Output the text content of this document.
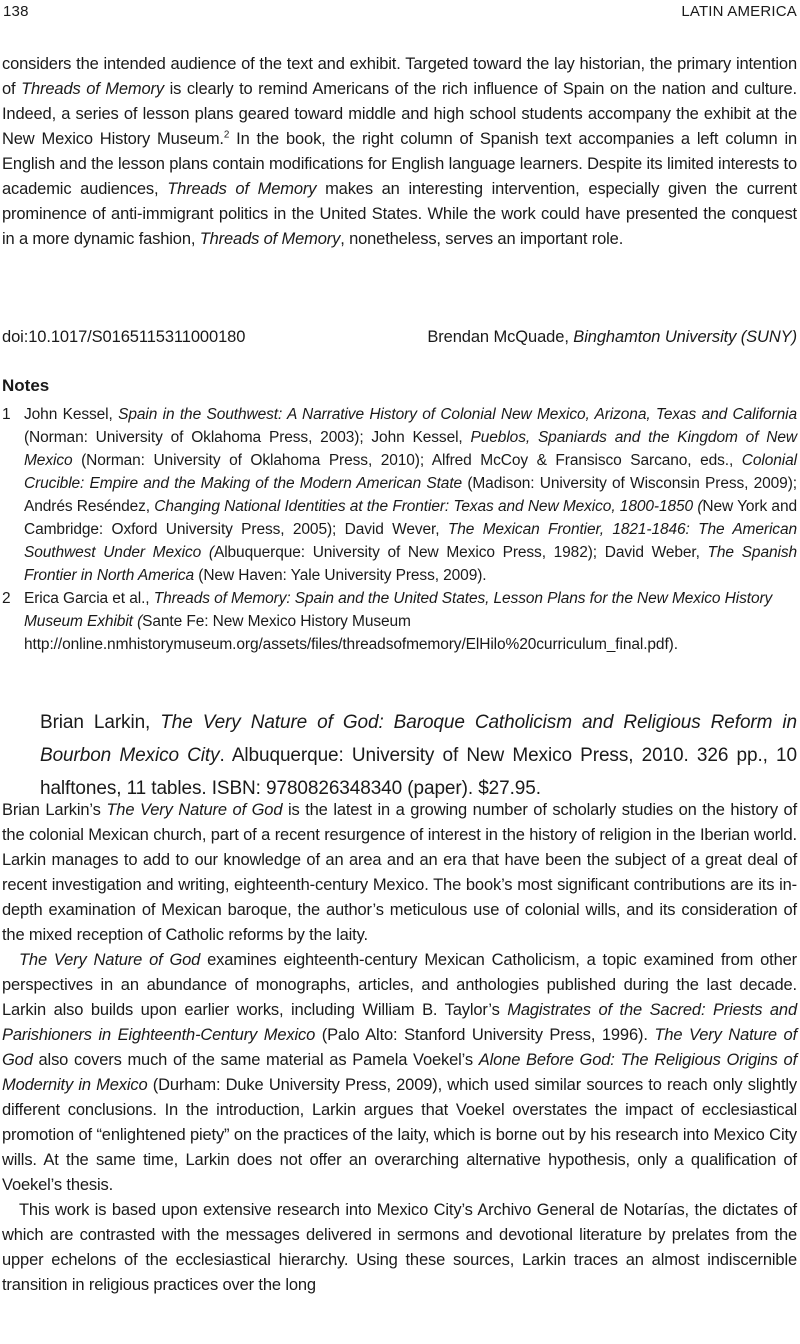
138	LATIN AMERICA
considers the intended audience of the text and exhibit. Targeted toward the lay historian, the primary intention of Threads of Memory is clearly to remind Americans of the rich influence of Spain on the nation and culture. Indeed, a series of lesson plans geared toward middle and high school students accompany the exhibit at the New Mexico History Museum.$^2$ In the book, the right column of Spanish text accompanies a left column in English and the lesson plans contain modifications for English language learners. Despite its limited interests to academic audiences, Threads of Memory makes an interesting intervention, especially given the current prominence of anti-immigrant politics in the United States. While the work could have presented the conquest in a more dynamic fashion, Threads of Memory, nonetheless, serves an important role.
doi:10.1017/S0165115311000180	Brendan McQuade, Binghamton University (SUNY)
Notes
1 John Kessel, Spain in the Southwest: A Narrative History of Colonial New Mexico, Arizona, Texas and California (Norman: University of Oklahoma Press, 2003); John Kessel, Pueblos, Spaniards and the Kingdom of New Mexico (Norman: University of Oklahoma Press, 2010); Alfred McCoy & Fransisco Sarcano, eds., Colonial Crucible: Empire and the Making of the Modern American State (Madison: University of Wisconsin Press, 2009); Andrés Reséndez, Changing National Identities at the Frontier: Texas and New Mexico, 1800-1850 (New York and Cambridge: Oxford University Press, 2005); David Wever, The Mexican Frontier, 1821-1846: The American Southwest Under Mexico (Albuquerque: University of New Mexico Press, 1982); David Weber, The Spanish Frontier in North America (New Haven: Yale University Press, 2009).
2 Erica Garcia et al., Threads of Memory: Spain and the United States, Lesson Plans for the New Mexico History Museum Exhibit (Sante Fe: New Mexico History Museum http://online.nmhistorymuseum.org/assets/files/threadsofmemory/ElHilo%20curriculum_final.pdf).
Brian Larkin, The Very Nature of God: Baroque Catholicism and Religious Reform in Bourbon Mexico City. Albuquerque: University of New Mexico Press, 2010. 326 pp., 10 halftones, 11 tables. ISBN: 9780826348340 (paper). $27.95.

Brian Larkin’s The Very Nature of God is the latest in a growing number of scholarly studies on the history of the colonial Mexican church, part of a recent resurgence of interest in the history of religion in the Iberian world. Larkin manages to add to our knowledge of an area and an era that have been the subject of a great deal of recent investigation and writing, eighteenth-century Mexico. The book’s most significant contributions are its in-depth examination of Mexican baroque, the author’s meticulous use of colonial wills, and its consideration of the mixed reception of Catholic reforms by the laity.

The Very Nature of God examines eighteenth-century Mexican Catholicism, a topic examined from other perspectives in an abundance of monographs, articles, and anthologies published during the last decade. Larkin also builds upon earlier works, including William B. Taylor’s Magistrates of the Sacred: Priests and Parishioners in Eighteenth-Century Mexico (Palo Alto: Stanford University Press, 1996). The Very Nature of God also covers much of the same material as Pamela Voekel’s Alone Before God: The Religious Origins of Modernity in Mexico (Durham: Duke University Press, 2009), which used similar sources to reach only slightly different conclusions. In the introduction, Larkin argues that Voekel overstates the impact of ecclesiastical promotion of “enlightened piety” on the practices of the laity, which is borne out by his research into Mexico City wills. At the same time, Larkin does not offer an overarching alternative hypothesis, only a qualification of Voekel’s thesis.

This work is based upon extensive research into Mexico City’s Archivo General de Notarías, the dictates of which are contrasted with the messages delivered in sermons and devotional literature by prelates from the upper echelons of the ecclesiastical hierarchy. Using these sources, Larkin traces an almost indiscernible transition in religious practices over the long
